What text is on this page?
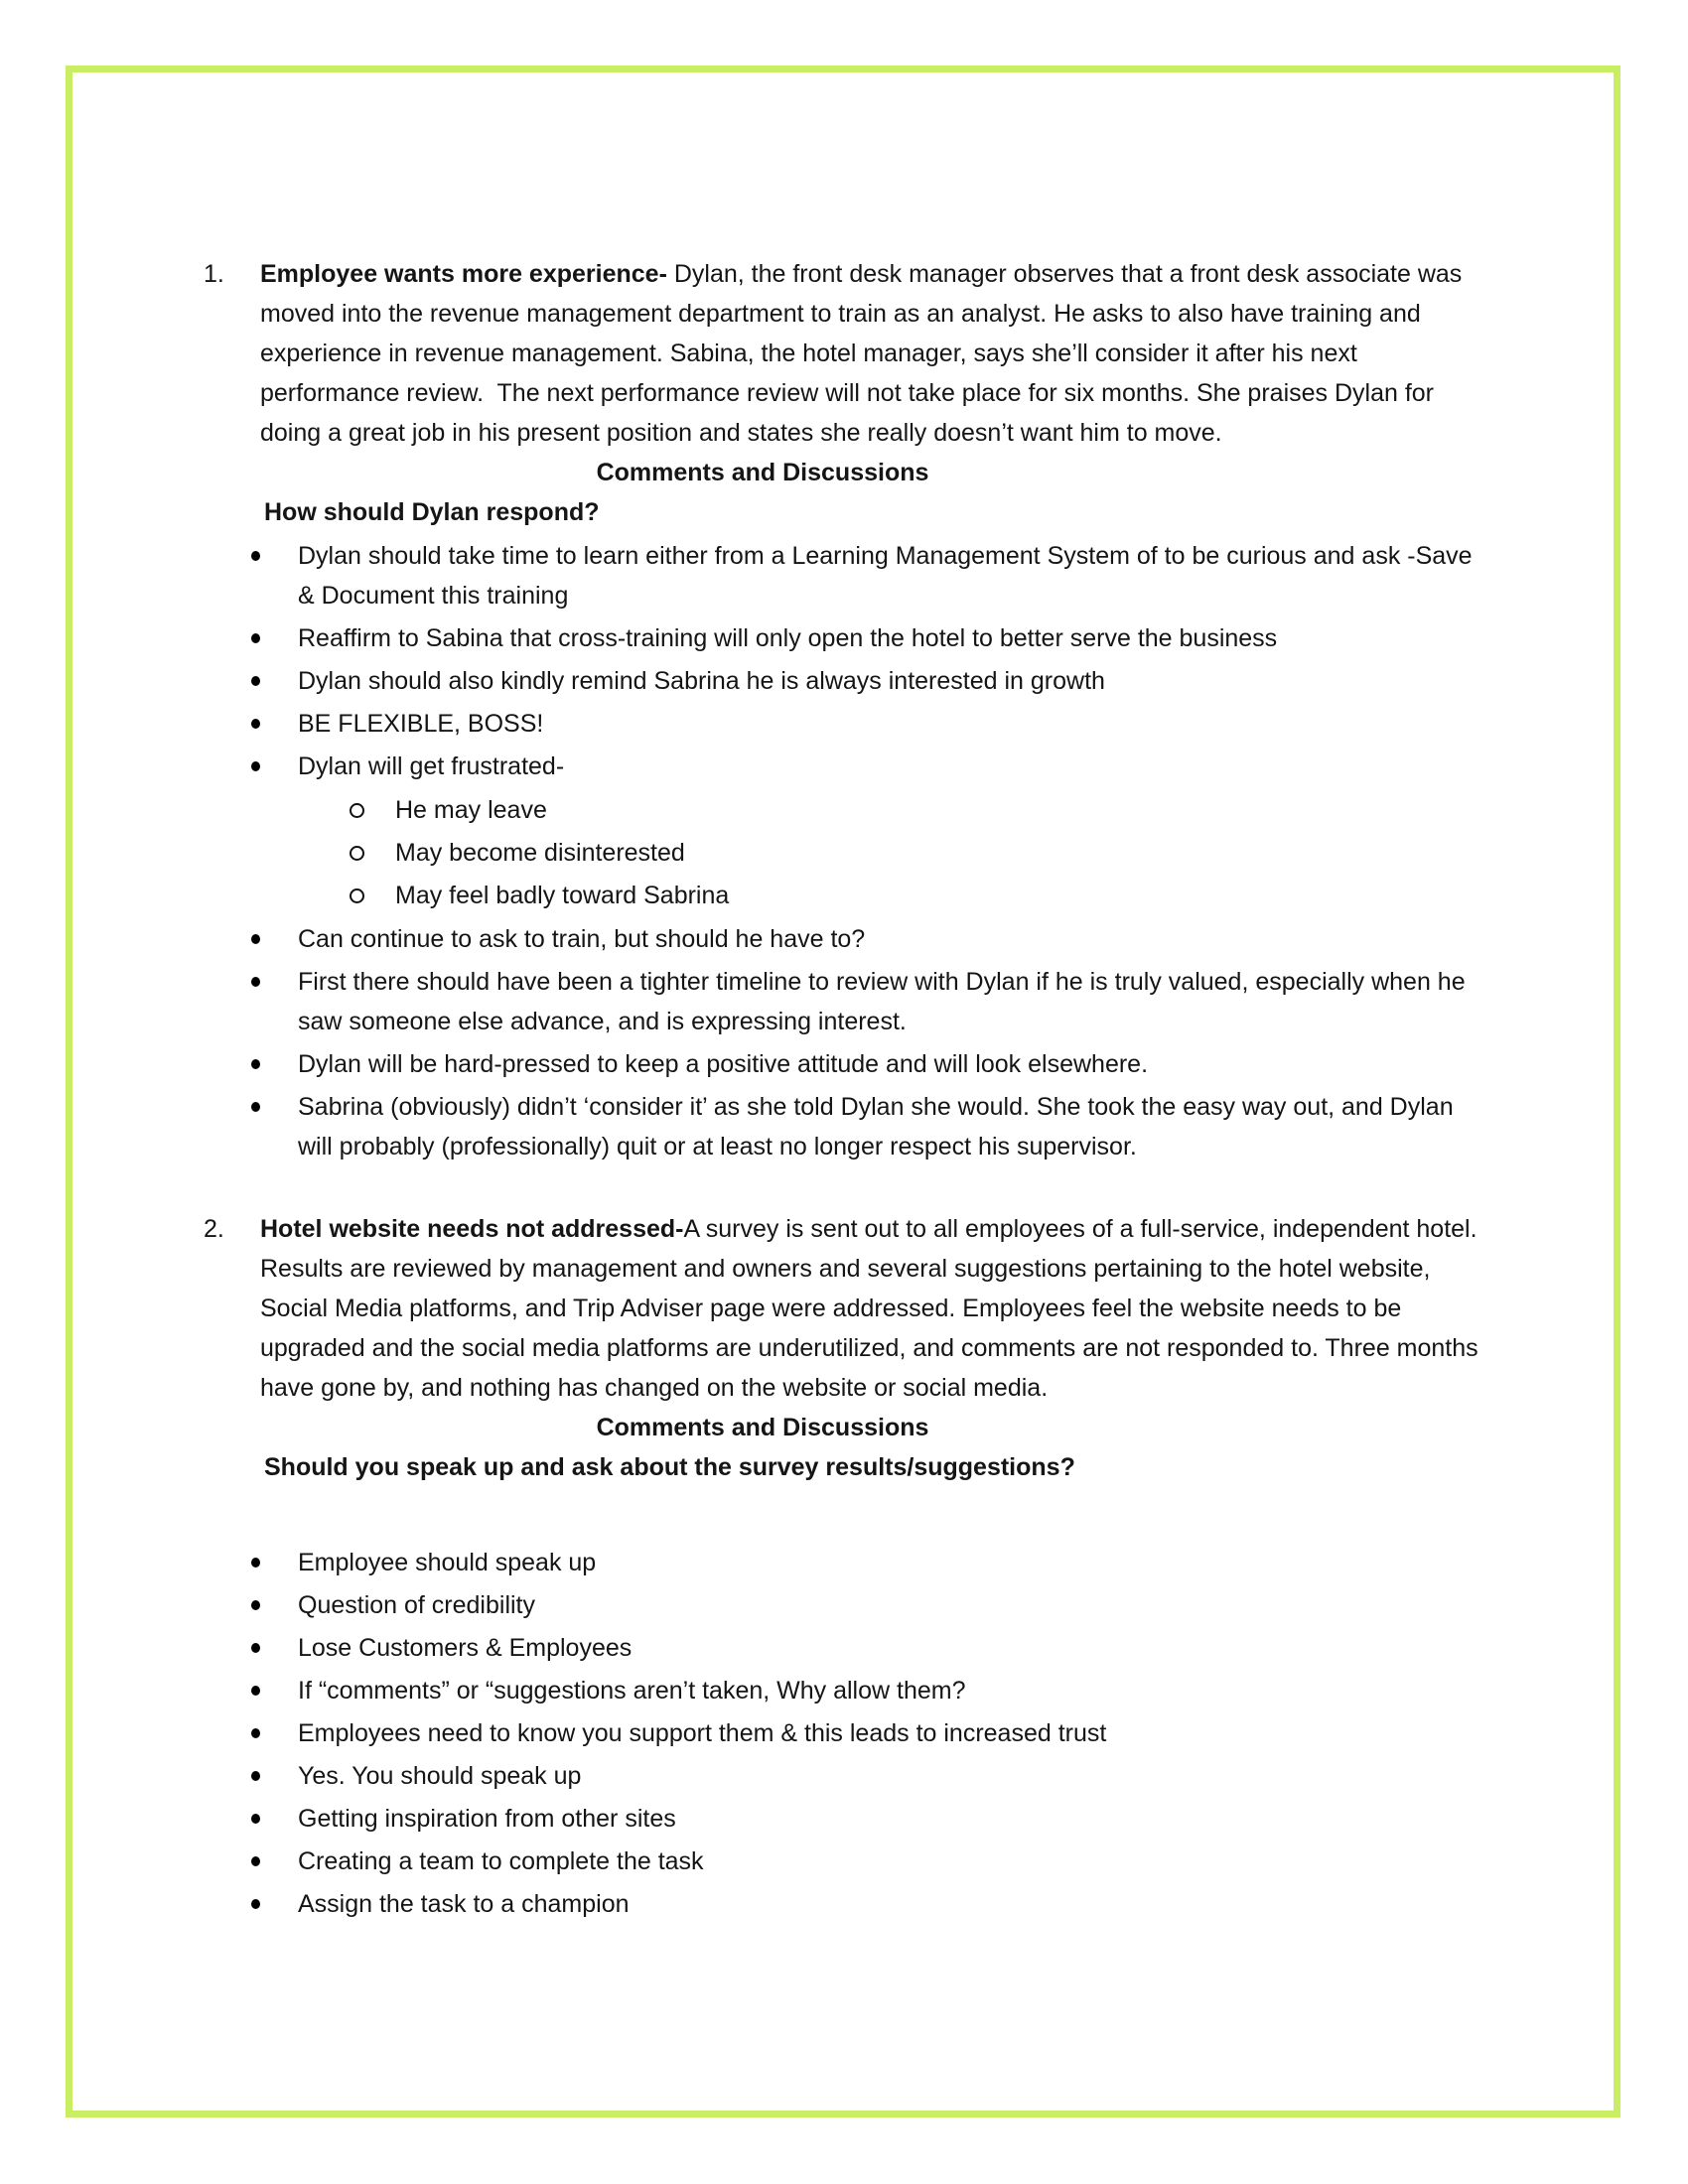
1.	Employee wants more experience- Dylan, the front desk manager observes that a front desk associate was moved into the revenue management department to train as an analyst. He asks to also have training and experience in revenue management. Sabina, the hotel manager, says she’ll consider it after his next performance review.  The next performance review will not take place for six months. She praises Dylan for doing a great job in his present position and states she really doesn’t want him to move.

Comments and Discussions
How should Dylan respond?
Dylan should take time to learn either from a Learning Management System of to be curious and ask -Save & Document this training
Reaffirm to Sabina that cross-training will only open the hotel to better serve the business
Dylan should also kindly remind Sabrina he is always interested in growth
BE FLEXIBLE, BOSS!
Dylan will get frustrated-
He may leave
May become disinterested
May feel badly toward Sabrina
Can continue to ask to train, but should he have to?
First there should have been a tighter timeline to review with Dylan if he is truly valued, especially when he saw someone else advance, and is expressing interest.
Dylan will be hard-pressed to keep a positive attitude and will look elsewhere.
Sabrina (obviously) didn’t ‘consider it’ as she told Dylan she would. She took the easy way out, and Dylan will probably (professionally) quit or at least no longer respect his supervisor.
2.	Hotel website needs not addressed-A survey is sent out to all employees of a full-service, independent hotel. Results are reviewed by management and owners and several suggestions pertaining to the hotel website, Social Media platforms, and Trip Adviser page were addressed. Employees feel the website needs to be upgraded and the social media platforms are underutilized, and comments are not responded to. Three months have gone by, and nothing has changed on the website or social media.

Comments and Discussions
Should you speak up and ask about the survey results/suggestions?
Employee should speak up
Question of credibility
Lose Customers & Employees
If “comments” or “suggestions aren’t taken, Why allow them?
Employees need to know you support them & this leads to increased trust
Yes. You should speak up
Getting inspiration from other sites
Creating a team to complete the task
Assign the task to a champion
